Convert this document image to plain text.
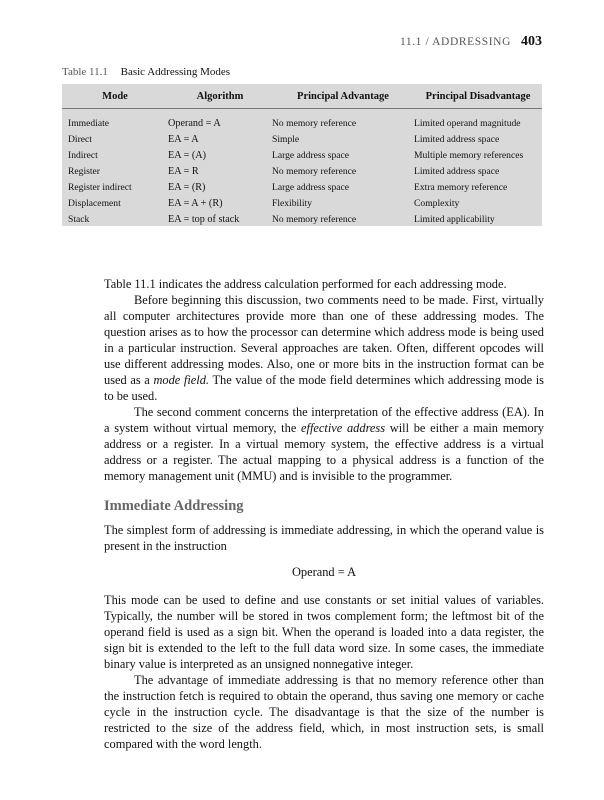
11.1 / ADDRESSING 403
Table 11.1 Basic Addressing Modes
Mode	Algorithm	Principal Advantage	Principal Disadvantage
Immediate	Operand = A	No memory reference	Limited operand magnitude
Direct	EA = A	Simple	Limited address space
Indirect	EA = (A)	Large address space	Multiple memory references
Register	EA = R	No memory reference	Limited address space
Register indirect	EA = (R)	Large address space	Extra memory reference
Displacement	EA = A + (R)	Flexibility	Complexity
Stack	EA = top of stack	No memory reference	Limited applicability

Table 11.1 indicates the address calculation performed for each addressing mode.

Before beginning this discussion, two comments need to be made. First, virtually all computer architectures provide more than one of these addressing modes. The question arises as to how the processor can determine which address mode is being used in a particular instruction. Several approaches are taken. Often, different opcodes will use different addressing modes. Also, one or more bits in the instruction format can be used as a mode field. The value of the mode field determines which addressing mode is to be used.

The second comment concerns the interpretation of the effective address (EA). In a system without virtual memory, the effective address will be either a main memory address or a register. In a virtual memory system, the effective address is a virtual address or a register. The actual mapping to a physical address is a function of the memory management unit (MMU) and is invisible to the programmer.

Immediate Addressing

The simplest form of addressing is immediate addressing, in which the operand value is present in the instruction

Operand = A

This mode can be used to define and use constants or set initial values of variables. Typically, the number will be stored in twos complement form; the leftmost bit of the operand field is used as a sign bit. When the operand is loaded into a data register, the sign bit is extended to the left to the full data word size. In some cases, the immediate binary value is interpreted as an unsigned nonnegative integer.

The advantage of immediate addressing is that no memory reference other than the instruction fetch is required to obtain the operand, thus saving one memory or cache cycle in the instruction cycle. The disadvantage is that the size of the number is restricted to the size of the address field, which, in most instruction sets, is small compared with the word length.
